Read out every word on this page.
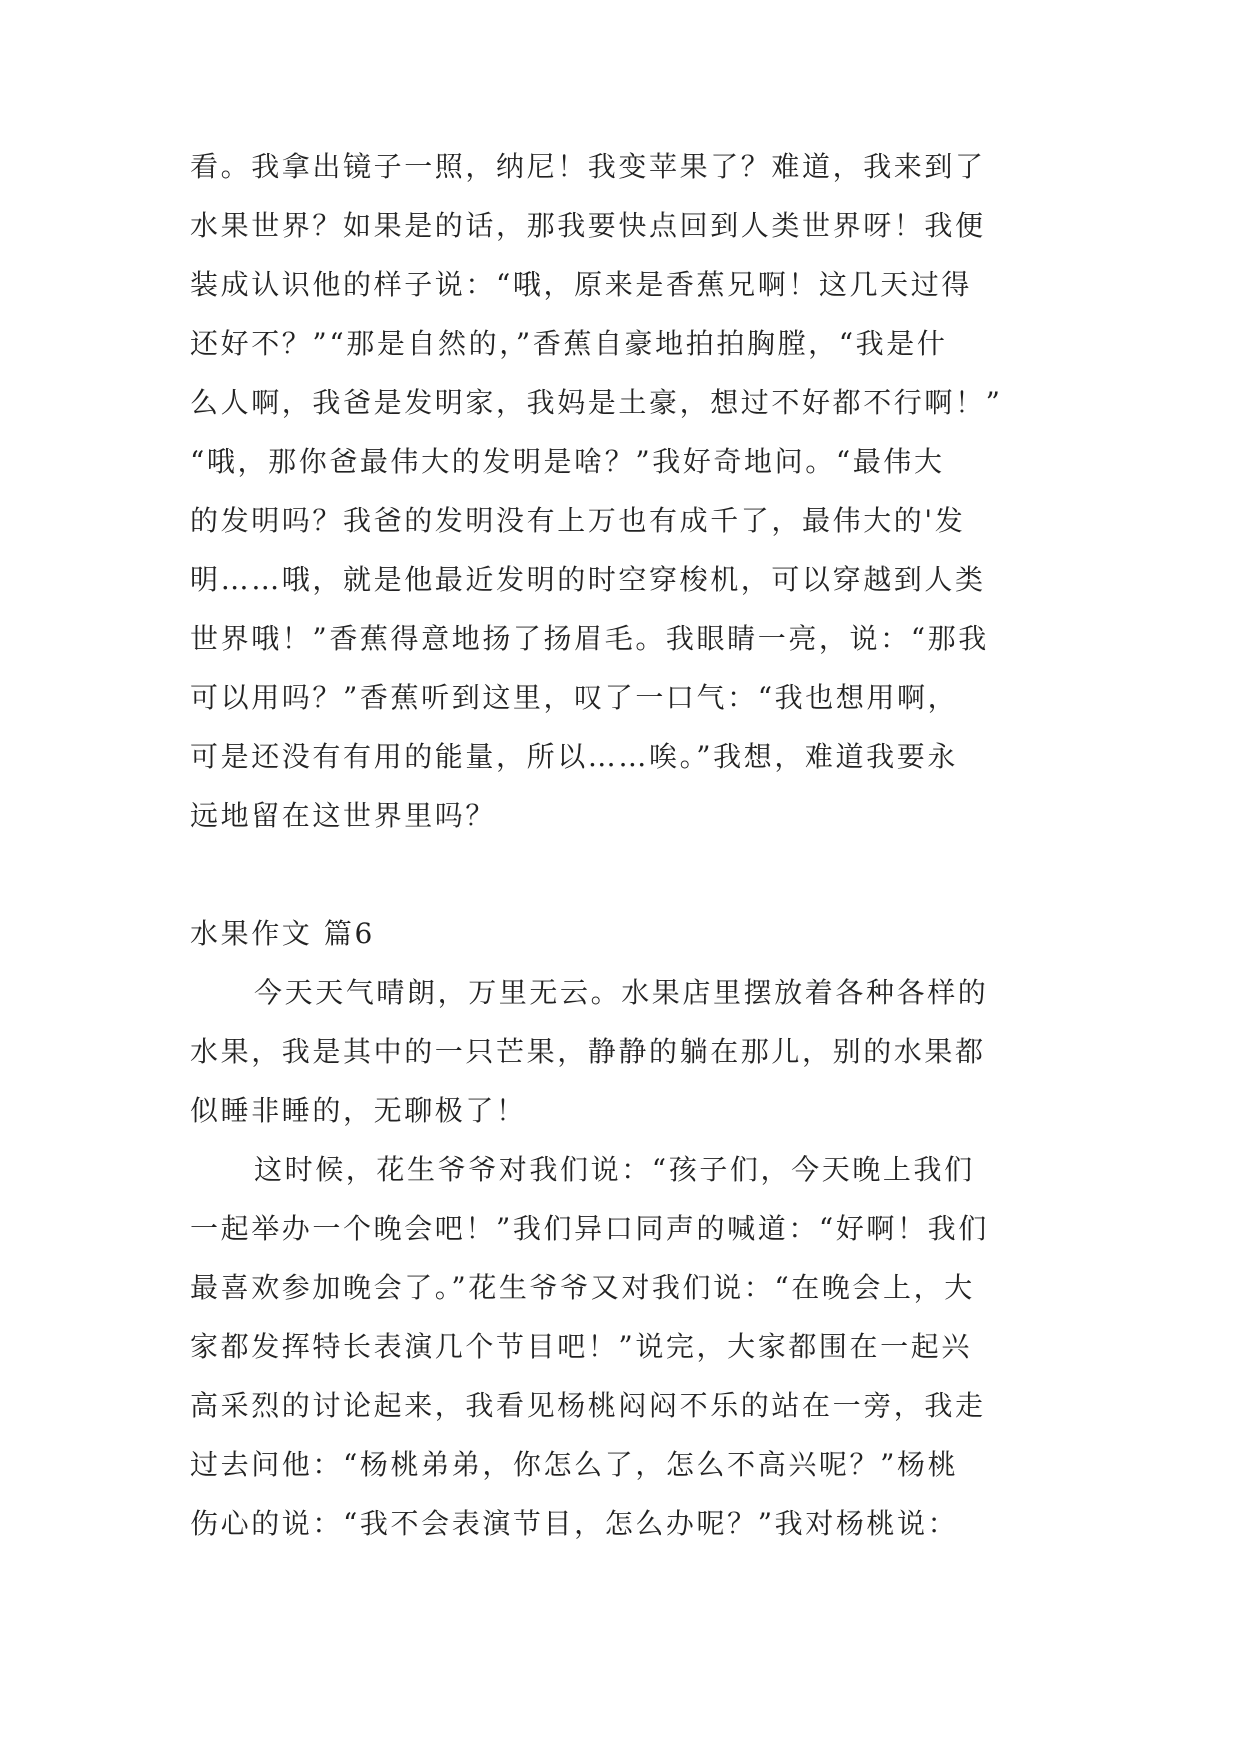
看。我拿出镜子一照，纳尼！我变苹果了？难道，我来到了
水果世界？如果是的话，那我要快点回到人类世界呀！我便
装成认识他的样子说：“哦，原来是香蕉兄啊！这几天过得
还好不？”“那是自然的，”香蕉自豪地拍拍胸膛，“我是什
么人啊，我爸是发明家，我妈是土豪，想过不好都不行啊！”
“哦，那你爸最伟大的发明是啥？”我好奇地问。“最伟大
的发明吗？我爸的发明没有上万也有成千了，最伟大的'发
明……哦，就是他最近发明的时空穿梭机，可以穿越到人类
世界哦！”香蕉得意地扬了扬眉毛。我眼睛一亮，说：“那我
可以用吗？”香蕉听到这里，叹了一口气：“我也想用啊，
可是还没有有用的能量，所以……唉。”我想，难道我要永
远地留在这世界里吗？
水果作文 篇6
今天天气晴朗，万里无云。水果店里摆放着各种各样的
水果，我是其中的一只芒果，静静的躺在那儿，别的水果都
似睡非睡的，无聊极了！
这时候，花生爷爷对我们说：“孩子们，今天晚上我们
一起举办一个晚会吧！”我们异口同声的喊道：“好啊！我们
最喜欢参加晚会了。”花生爷爷又对我们说：“在晚会上，大
家都发挥特长表演几个节目吧！”说完，大家都围在一起兴
高采烈的讨论起来，我看见杨桃闷闷不乐的站在一旁，我走
过去问他：“杨桃弟弟，你怎么了，怎么不高兴呢？”杨桃
伤心的说：“我不会表演节目，怎么办呢？”我对杨桃说：
